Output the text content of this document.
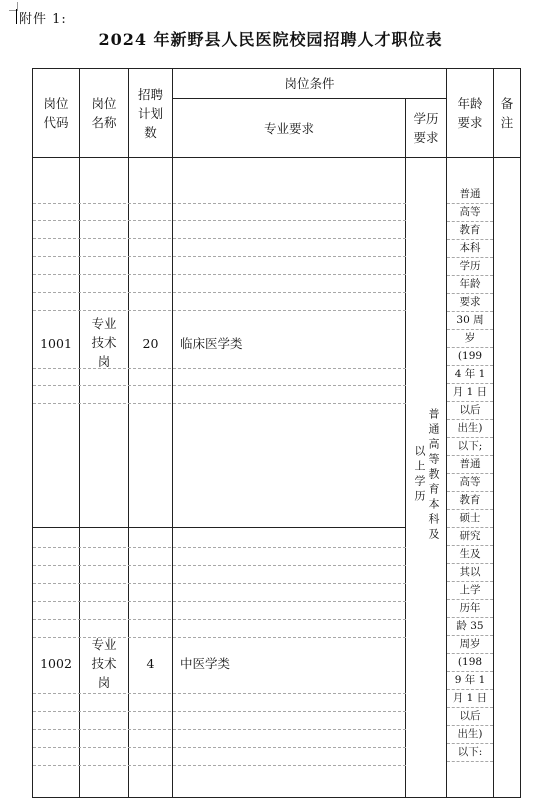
附件 1:
2024 年新野县人民医院校园招聘人才职位表
岗位
代码
岗位
名称
招聘
计划
数
岗位条件
专业要求
学历
要求
年龄
要求
备
注
1001
专业
技术
岗
20	临床医学类
1002
专业
技术
岗
4	中医学类
普通高等教育本科及以上学历
普通
高等
教育
本科
学历
年龄
要求
30 周
岁
(199
4 年 1
月 1 日
以后
出生)
以下;
普通
高等
教育
硕士
研究
生及
其以
上学
历年
龄 35
周岁
(198
9 年 1
月 1 日
以后
出生)
以下:
